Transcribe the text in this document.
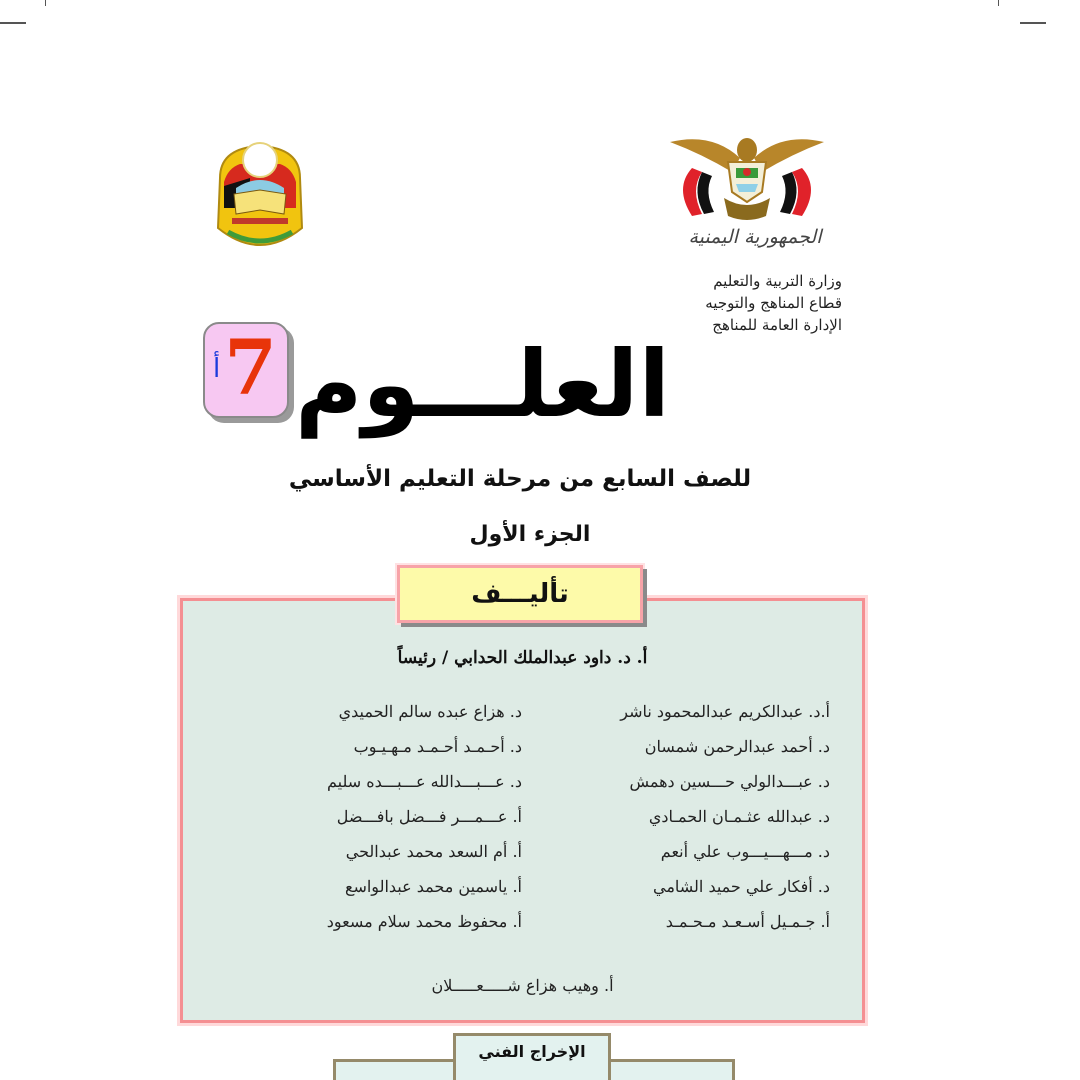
الجمهورية اليمنية
وزارة التربية والتعليم
قطاع المناهج والتوجيه
الإدارة العامة للمناهج
أ 7 العلـــوم
للصف السابع من مرحلة التعليم الأساسي
الجزء الأول
تأليـــف
أ. د. داود عبدالملك الحدابي / رئيساً
أ.د. عبدالكريم عبدالمحمود ناشر
د. أحمد عبدالرحمن شمسان
د. عبـــدالولي حـــسين دهمش
د. عبدالله عثـمـان الحمـادي
د. مـــهـــيـــوب علي أنعم
د. أفكار علي حميد الشامي
أ. جـمـيل أسـعـد مـحـمـد
د. هزاع عبده سالم الحميدي
د. أحـمـد أحـمـد مـهـيـوب
د. عـــبـــدالله عـــبـــده سليم
أ. عـــمـــر فـــضل بافـــضل
أ. أم السعد محمد عبدالحي
أ. ياسمين محمد عبدالواسع
أ. محفوظ محمد سلام مسعود
أ. وهيب هزاع شـــــعـــــلان
الإخراج الفني
